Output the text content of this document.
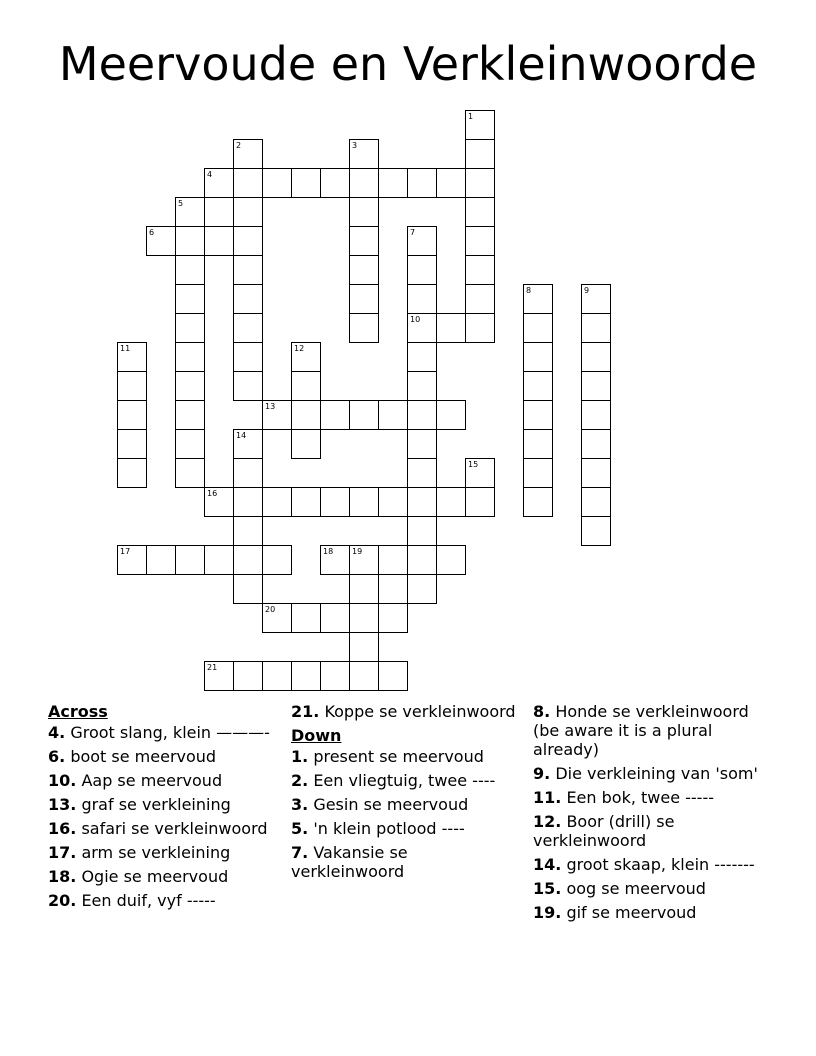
Meervoude en Verkleinwoorde
1
2	3
4
5
6	7
10
8	9
11	12
13
14
15
16
17	18 19
20
21
Across
4. Groot slang, klein ———-
6. boot se meervoud
10. Aap se meervoud
13. graf se verkleining
16. safari se verkleinwoord
17. arm se verkleining
18. Ogie se meervoud
20. Een duif, vyf -----
21. Koppe se verkleinwoord
Down
1. present se meervoud
2. Een vliegtuig, twee ----
3. Gesin se meervoud
5. 'n klein potlood ----
7. Vakansie se verkleinwoord
8. Honde se verkleinwoord (be aware it is a plural already)
9. Die verkleining van 'som'
11. Een bok, twee -----
12. Boor (drill) se verkleinwoord
14. groot skaap, klein -------
15. oog se meervoud
19. gif se meervoud
